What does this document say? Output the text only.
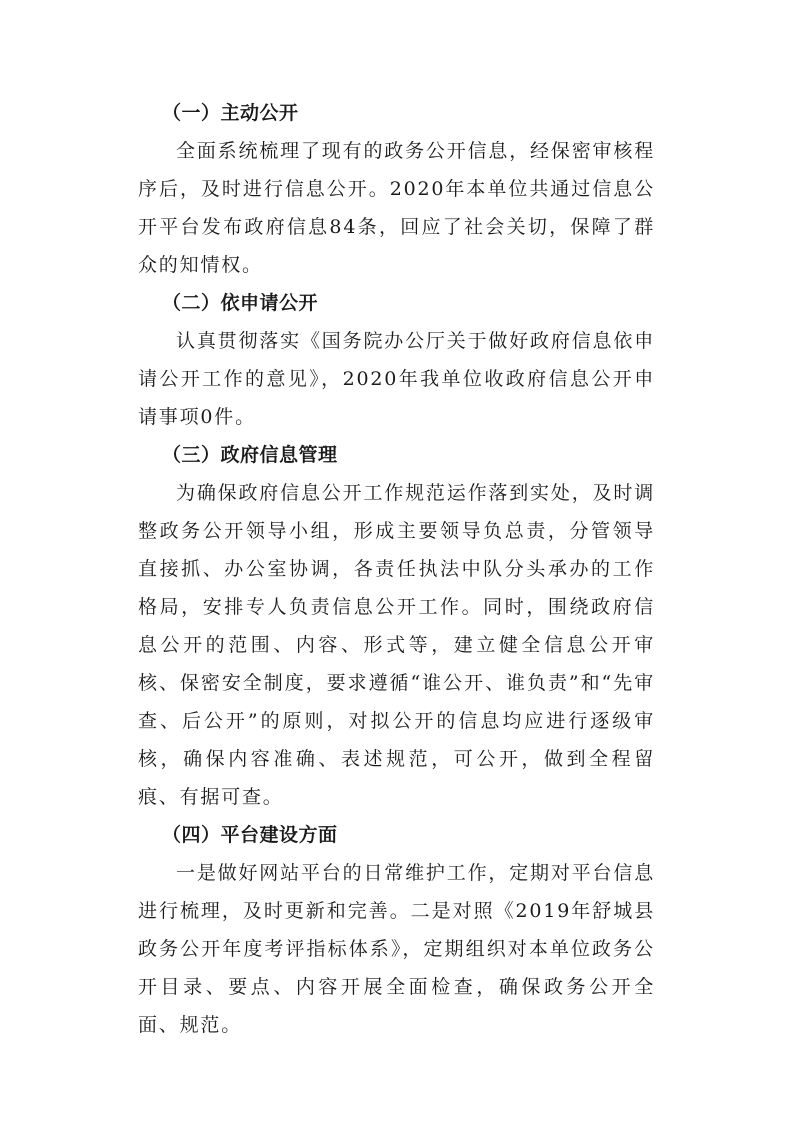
（一）主动公开

全面系统梳理了现有的政务公开信息，经保密审核程序后，及时进行信息公开。2020年本单位共通过信息公开平台发布政府信息84条，回应了社会关切，保障了群众的知情权。

（二）依申请公开

认真贯彻落实《国务院办公厅关于做好政府信息依申请公开工作的意见》，2020年我单位收政府信息公开申请事项0件。

（三）政府信息管理

为确保政府信息公开工作规范运作落到实处，及时调整政务公开领导小组，形成主要领导负总责，分管领导直接抓、办公室协调，各责任执法中队分头承办的工作格局，安排专人负责信息公开工作。同时，围绕政府信息公开的范围、内容、形式等，建立健全信息公开审核、保密安全制度，要求遵循“谁公开、谁负责”和“先审查、后公开”的原则，对拟公开的信息均应进行逐级审核，确保内容准确、表述规范，可公开，做到全程留痕、有据可查。

（四）平台建设方面

一是做好网站平台的日常维护工作，定期对平台信息进行梳理，及时更新和完善。二是对照《2019年舒城县政务公开年度考评指标体系》，定期组织对本单位政务公开目录、要点、内容开展全面检查，确保政务公开全面、规范。
